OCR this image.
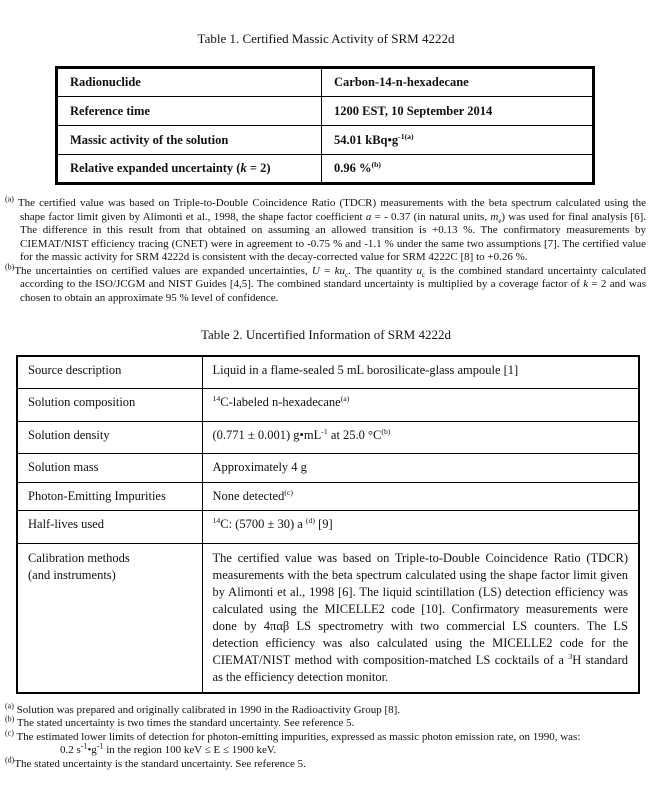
Table 1. Certified Massic Activity of SRM 4222d
Radionuclide	Carbon-14-n-hexadecane
Reference time	1200 EST, 10 September 2014
Massic activity of the solution	54.01 $kBq•g^{-1(a)}$
Relative expanded uncertainty (k = 2)	0.96 %$^{(b)}$

$^{(a)}$ The certified value was based on Triple-to-Double Coincidence Ratio (TDCR) measurements with the beta spectrum calculated using the shape factor limit given by Alimonti et al., 1998, the shape factor coefficient a = - 0.37 (in natural units, $m_e$) was used for final analysis [6]. The difference in this result from that obtained on assuming an allowed transition is +0.13 %. The confirmatory measurements by CIEMAT/NIST efficiency tracing (CNET) were in agreement to -0.75 % and -1.1 % under the same two assumptions [7]. The certified value for the massic activity for SRM 4222d is consistent with the decay-corrected value for SRM 4222C [8] to +0.26 %.

$^{(b)}$The uncertainties on certified values are expanded uncertainties, $U = ku_c$. The quantity $u_c$ is the combined standard uncertainty calculated according to the ISO/JCGM and NIST Guides [4,5]. The combined standard uncertainty is multiplied by a coverage factor of k = 2 and was chosen to obtain an approximate 95 % level of confidence.

Table 2. Uncertified Information of SRM 4222d
Source description	Liquid in a flame-sealed 5 mL borosilicate-glass ampoule [1]
Solution composition	$^{14}$C-labeled n-hexadecane$^{(a)}$
Solution density	(0.771 ± 0.001) $g•mL^{-1}$ at 25.0 $^\circ C^{(b)}$
Solution mass	Approximately 4 g
Photon-Emitting Impurities	None detected$^{(c)}$
Half-lives used	$^{14}$C: (5700 ± 30) a $^{(d)}$ [9]
Calibration methods
(and instruments)	The certified value was based on Triple-to-Double Coincidence Ratio (TDCR) measurements with the beta spectrum calculated using the shape factor limit given by Alimonti et al., 1998 [6]. The liquid scintillation (LS) detection efficiency was calculated using the MICELLE2 code [10]. Confirmatory measurements were done by 4παβ LS spectrometry with two commercial LS counters. The LS detection efficiency was also calculated using the MICELLE2 code for the CIEMAT/NIST method with composition-matched LS cocktails of a $^3$H standard as the efficiency detection monitor.

$^{(a)}$ Solution was prepared and originally calibrated in 1990 in the Radioactivity Group [8].

$^{(b)}$ The stated uncertainty is two times the standard uncertainty. See reference 5.

$^{(c)}$ The estimated lower limits of detection for photon-emitting impurities, expressed as massic photon emission rate, on 1990, was:

0.2 $s^{-1}•g^{-1}$ in the region 100 keV ≤ E ≤ 1900 keV.

$^{(d)}$The stated uncertainty is the standard uncertainty. See reference 5.
